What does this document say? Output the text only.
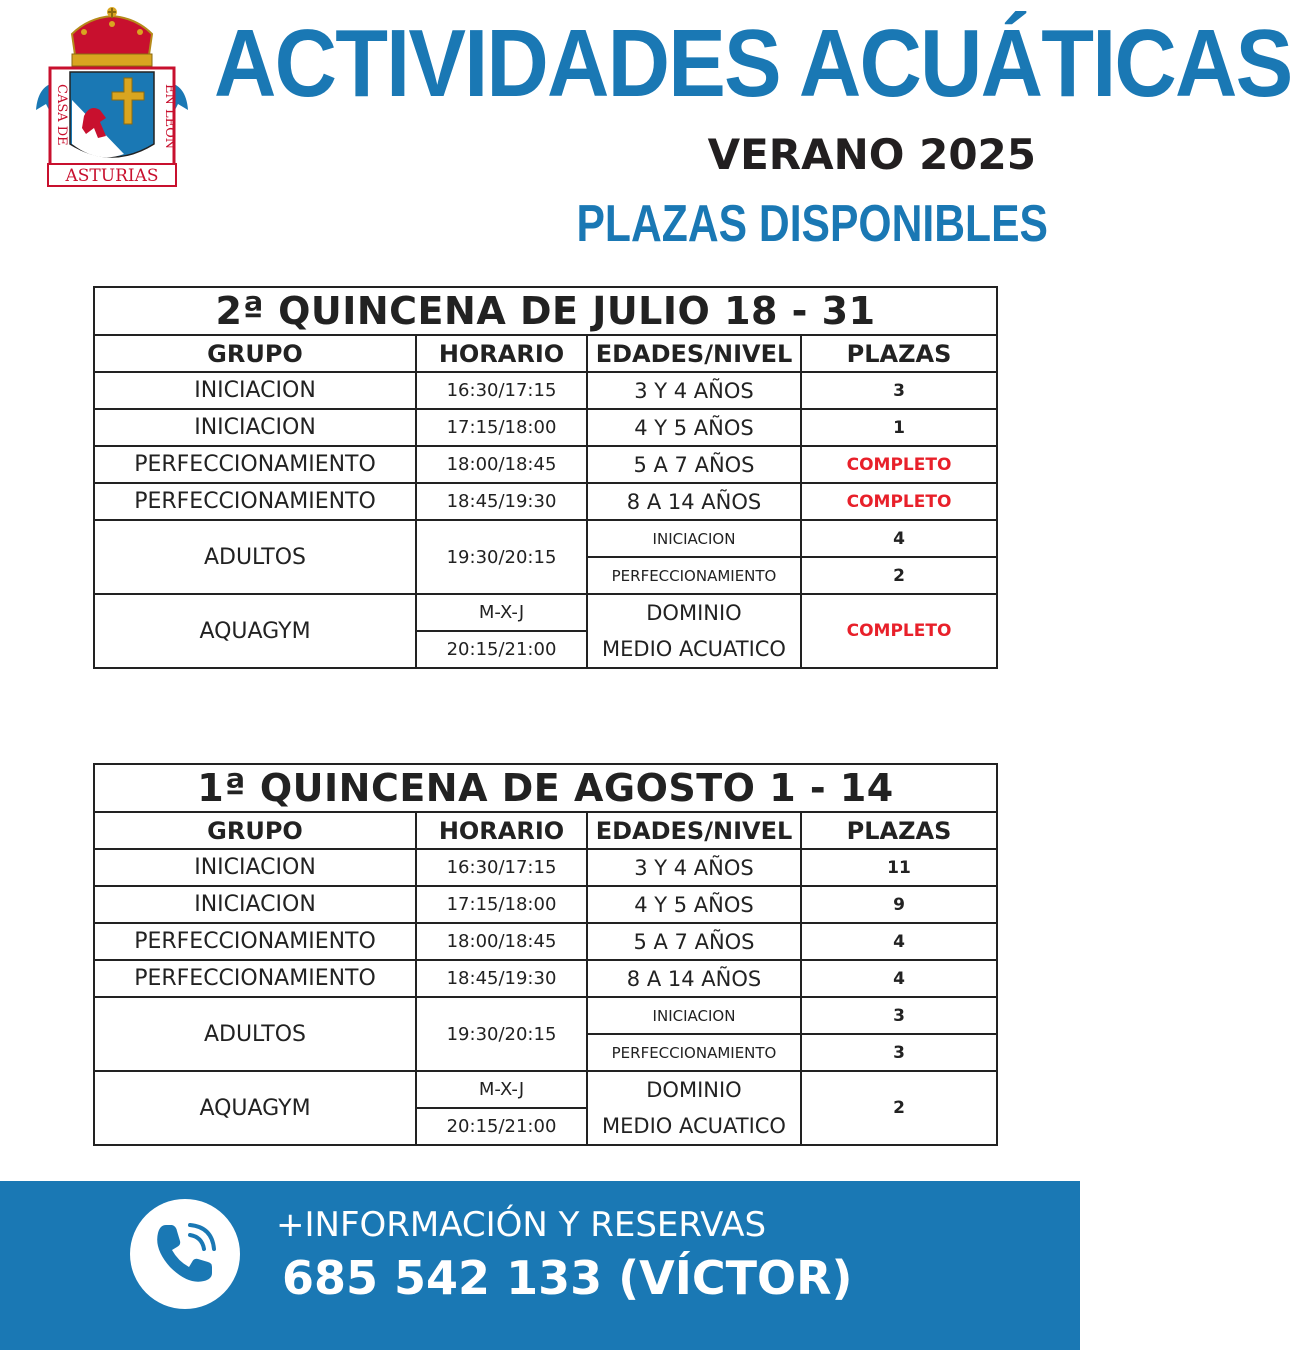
CASA DE	EN LEON
ASTURIAS
ACTIVIDADES ACUÁTICAS
VERANO 2025
PLAZAS DISPONIBLES
2ª QUINCENA DE JULIO 18 - 31			
GRUPO	HORARIO	EDADES/NIVEL	PLAZAS
INICIACION	16:30/17:15	3 Y 4 AÑOS	3
INICIACION	17:15/18:00	4 Y 5 AÑOS	1
PERFECCIONAMIENTO	18:00/18:45	5 A 7 AÑOS	COMPLETO
PERFECCIONAMIENTO	18:45/19:30	8 A 14 AÑOS	COMPLETO
ADULTOS	19:30/20:15	INICIACION	4
		PERFECCIONAMIENTO	2
AQUAGYM	M-X-J	DOMINIO	COMPLETO
	20:15/21:00	MEDIO ACUATICO	
1ª QUINCENA DE AGOSTO 1 - 14			
GRUPO	HORARIO	EDADES/NIVEL	PLAZAS
INICIACION	16:30/17:15	3 Y 4 AÑOS	11
INICIACION	17:15/18:00	4 Y 5 AÑOS	9
PERFECCIONAMIENTO	18:00/18:45	5 A 7 AÑOS	4
PERFECCIONAMIENTO	18:45/19:30	8 A 14 AÑOS	4
ADULTOS	19:30/20:15	INICIACION	3
		PERFECCIONAMIENTO	3
AQUAGYM	M-X-J	DOMINIO	2
	20:15/21:00	MEDIO ACUATICO	
+INFORMACIÓN Y RESERVAS
685 542 133 (VÍCTOR)
